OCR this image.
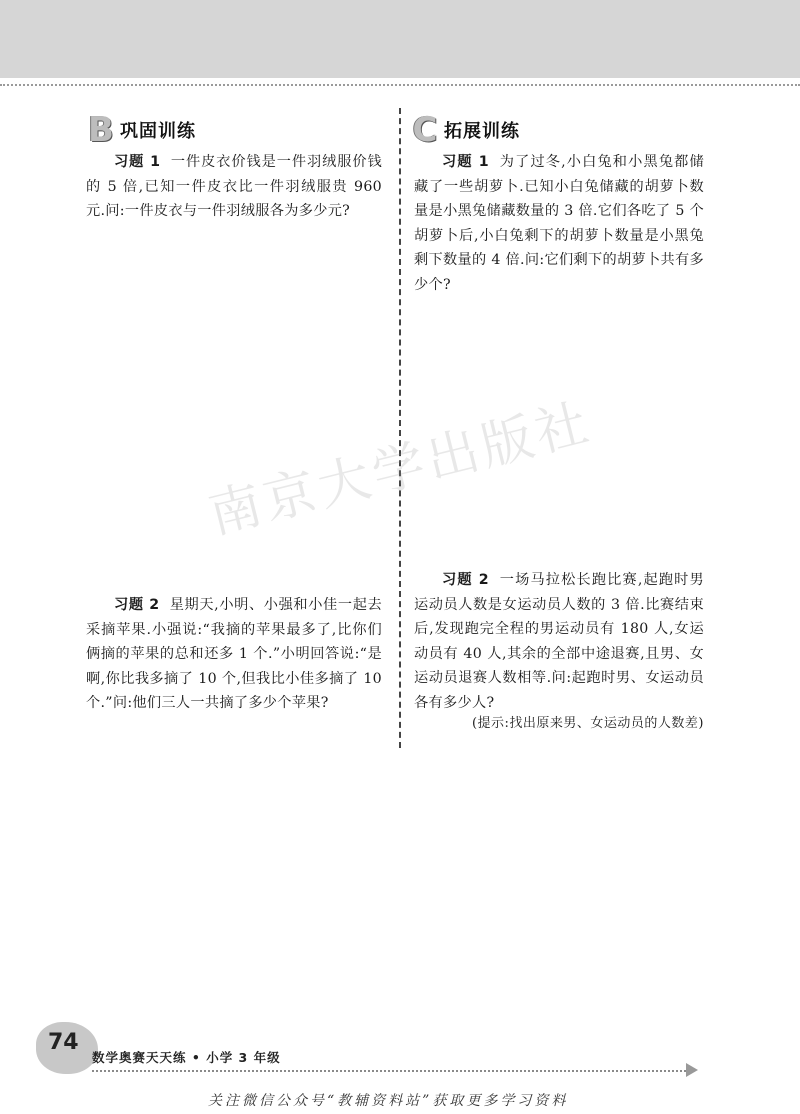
B 巩固训练	C 拓展训练
习题 1 一件皮衣价钱是一件羽绒服价钱的 5 倍,已知一件皮衣比一件羽绒服贵 960 元.问:一件皮衣与一件羽绒服各为多少元?
习题 2 星期天,小明、小强和小佳一起去采摘苹果.小强说:“我摘的苹果最多了,比你们俩摘的苹果的总和还多 1 个.”小明回答说:“是啊,你比我多摘了 10 个,但我比小佳多摘了 10 个.”问:他们三人一共摘了多少个苹果?
习题 1 为了过冬,小白兔和小黑兔都储藏了一些胡萝卜.已知小白兔储藏的胡萝卜数量是小黑兔储藏数量的 3 倍.它们各吃了 5 个胡萝卜后,小白兔剩下的胡萝卜数量是小黑兔剩下数量的 4 倍.问:它们剩下的胡萝卜共有多少个?
习题 2 一场马拉松长跑比赛,起跑时男运动员人数是女运动员人数的 3 倍.比赛结束后,发现跑完全程的男运动员有 180 人,女运动员有 40 人,其余的全部中途退赛,且男、女运动员退赛人数相等.问:起跑时男、女运动员各有多少人?
(提示:找出原来男、女运动员的人数差)
南京大学出版社
74
数学奥赛天天练 • 小学 3 年级
关注微信公众号“教辅资料站”获取更多学习资料
